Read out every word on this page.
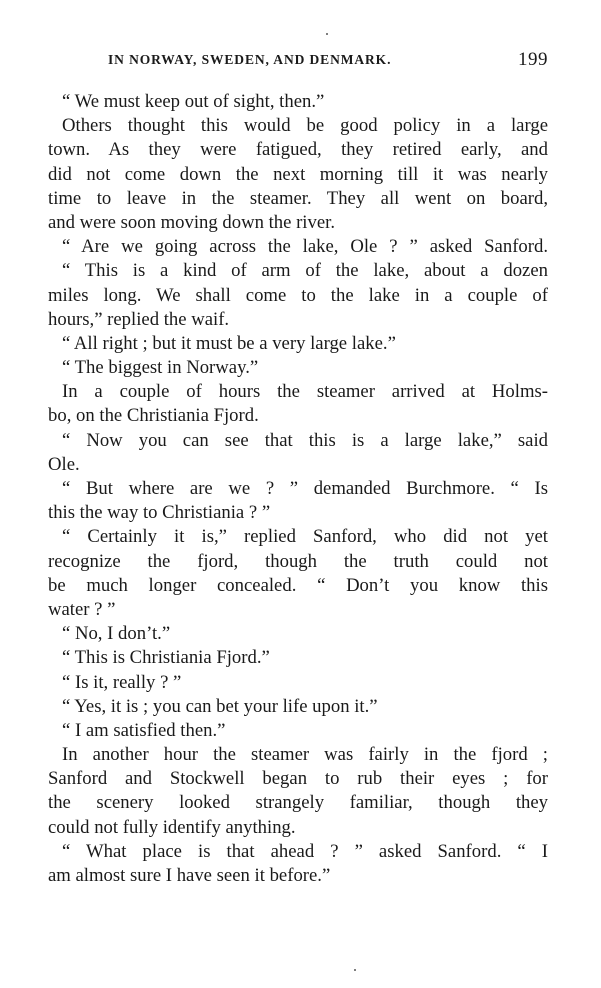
IN NORWAY, SWEDEN, AND DENMARK.	199
“ We must keep out of sight, then.”
Others thought this would be good policy in a large
town. As they were fatigued, they retired early, and
did not come down the next morning till it was nearly
time to leave in the steamer. They all went on board,
and were soon moving down the river.
“ Are we going across the lake, Ole ? ” asked Sanford.
“ This is a kind of arm of the lake, about a dozen
miles long. We shall come to the lake in a couple of
hours,” replied the waif.
“ All right ; but it must be a very large lake.”
“ The biggest in Norway.”
In a couple of hours the steamer arrived at Holms-
bo, on the Christiania Fjord.
“ Now you can see that this is a large lake,” said
Ole.
“ But where are we ? ” demanded Burchmore. “ Is
this the way to Christiania ? ”
“ Certainly it is,” replied Sanford, who did not yet
recognize the fjord, though the truth could not
be much longer concealed. “ Don’t you know this
water ? ”
“ No, I don’t.”
“ This is Christiania Fjord.”
“ Is it, really ? ”
“ Yes, it is ; you can bet your life upon it.”
“ I am satisfied then.”
In another hour the steamer was fairly in the fjord ;
Sanford and Stockwell began to rub their eyes ; for
the scenery looked strangely familiar, though they
could not fully identify anything.
“ What place is that ahead ? ” asked Sanford. “ I
am almost sure I have seen it before.”
